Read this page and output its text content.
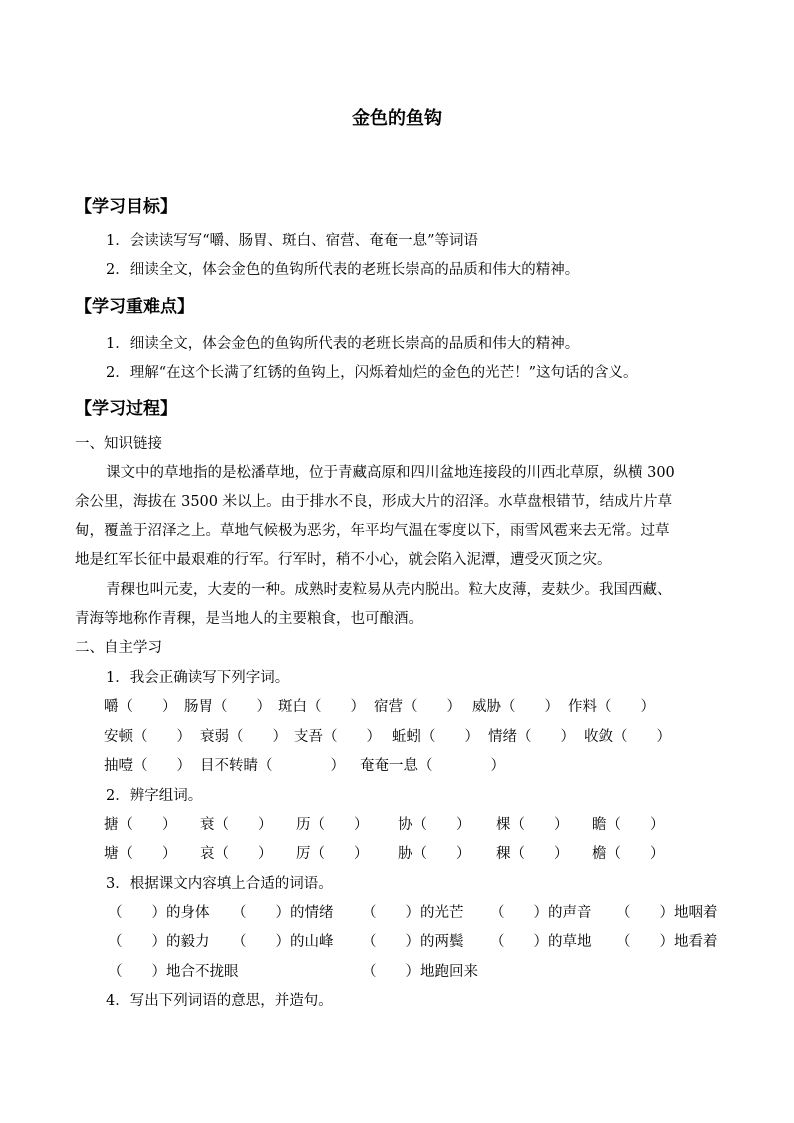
金色的鱼钩
【学习目标】
1．会读读写写“嚼、肠胃、斑白、宿营、奄奄一息”等词语
2．细读全文，体会金色的鱼钩所代表的老班长崇高的品质和伟大的精神。
【学习重难点】
1．细读全文，体会金色的鱼钩所代表的老班长崇高的品质和伟大的精神。
2．理解“在这个长满了红锈的鱼钩上，闪烁着灿烂的金色的光芒！”这句话的含义。
【学习过程】
一、知识链接
课文中的草地指的是松潘草地，位于青藏高原和四川盆地连接段的川西北草原，纵横 300
余公里，海拔在 3500 米以上。由于排水不良，形成大片的沼泽。水草盘根错节，结成片片草
甸，覆盖于沼泽之上。草地气候极为恶劣，年平均气温在零度以下，雨雪风雹来去无常。过草
地是红军长征中最艰难的行军。行军时，稍不小心，就会陷入泥潭，遭受灭顶之灾。
青稞也叫元麦，大麦的一种。成熟时麦粒易从壳内脱出。粒大皮薄，麦麸少。我国西藏、
青海等地称作青稞，是当地人的主要粮食，也可酿酒。
二、自主学习
1．我会正确读写下列字词。
嚼（　　） 肠胃（　　） 斑白（　　） 宿营（　　） 威胁（　　） 作料（　　）
安顿（　　） 衰弱（　　） 支吾（　　） 蚯蚓（　　） 情绪（　　） 收敛（　　）
抽噎（　　） 目不转睛（　　　　） 奄奄一息（　　　　）
2．辨字组词。
搪（　　） 衰（　　） 历（　　） 协（　　） 棵（　　） 瞻（　　）
塘（　　） 哀（　　） 厉（　　） 胁（　　） 稞（　　） 檐（　　）
3．根据课文内容填上合适的词语。
（　　）的身体 （　　）的情绪 （　　）的光芒 （　　）的声音 （　　）地咽着
（　　）的毅力 （　　）的山峰 （　　）的两鬓 （　　）的草地 （　　）地看着
（　　）地合不拢眼	（　　）地跑回来
4．写出下列词语的意思，并造句。
